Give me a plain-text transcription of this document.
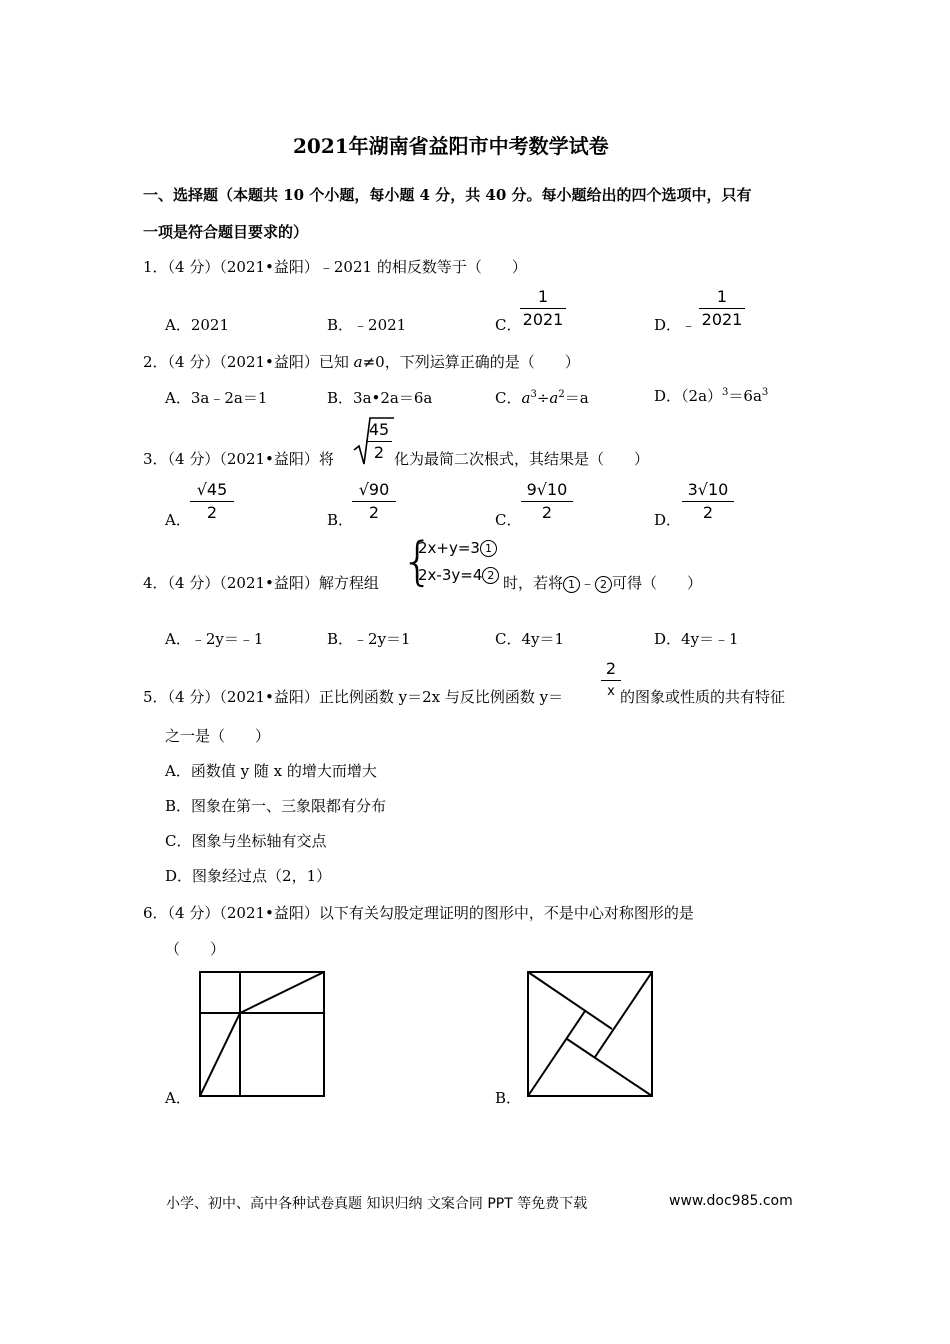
2021年湖南省益阳市中考数学试卷
一、选择题（本题共 10 个小题，每小题 4 分，共 40 分。每小题给出的四个选项中，只有
一项是符合题目要求的）
1．（4 分）（2021•益阳）﹣2021 的相反数等于（　　）
A．2021	B．﹣2021	C．
1
2021	D．﹣
1
2021
2．（4 分）（2021•益阳）已知 a≠0，下列运算正确的是（　　）
A．3a﹣2a＝1	B．3a•2a＝6a	C．$a^3\div a^2=a$	D．$(2a)^3=6a^3$
3．（4 分）（2021•益阳）将
45
2 化为最简二次根式，其结果是（　　）
A．
√45
2	B．
√90
2	C．
9√10
2	D．
3√10
2
4．（4 分）（2021•益阳）解方程组 {
2x+y=3 1
2x-3y=4 2 时，若将 1 ﹣ 2 可得（　　）
A．﹣2y＝﹣1	B．﹣2y＝1	C．4y＝1	D．4y＝﹣1
5．（4 分）（2021•益阳）正比例函数 y＝2x 与反比例函数 y＝
2
x 的图象或性质的共有特征
之一是（　　）
A．函数值 y 随 x 的增大而增大
B．图象在第一、三象限都有分布
C．图象与坐标轴有交点
D．图象经过点（2，1）
6．（4 分）（2021•益阳）以下有关勾股定理证明的图形中，不是中心对称图形的是
（　　）
A．	B．
小学、初中、高中各种试卷真题 知识归纳 文案合同 PPT 等免费下载	www.doc985.com
